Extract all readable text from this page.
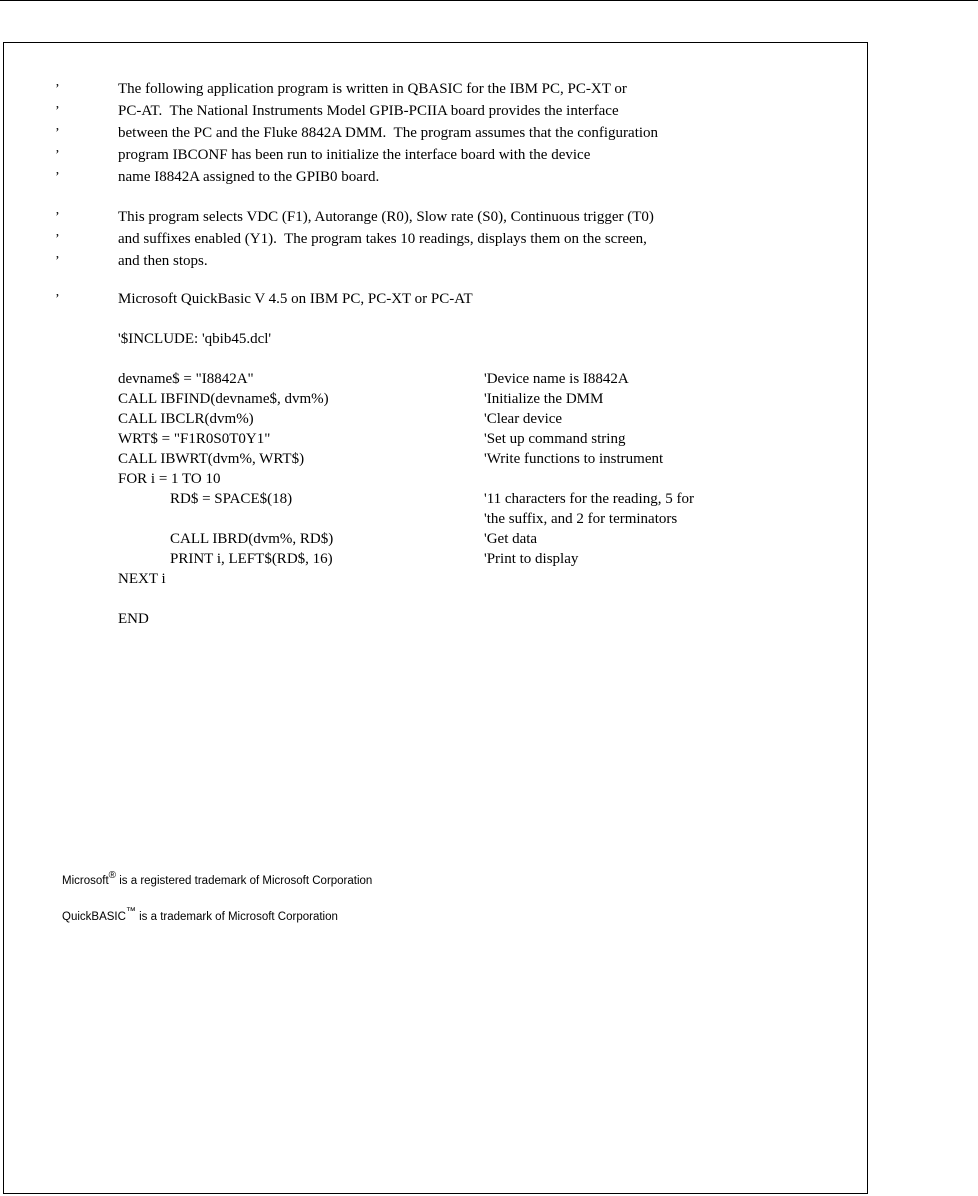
’
’
’
’
’
’
’
’
’
The following application program is written in QBASIC for the IBM PC, PC-XT or
PC-AT.  The National Instruments Model GPIB-PCIIA board provides the interface
between the PC and the Fluke 8842A DMM.  The program assumes that the configuration
program IBCONF has been run to initialize the interface board with the device
name I8842A assigned to the GPIB0 board.
This program selects VDC (F1), Autorange (R0), Slow rate (S0), Continuous trigger (T0)
and suffixes enabled (Y1).  The program takes 10 readings, displays them on the screen,
and then stops.
Microsoft QuickBasic V 4.5 on IBM PC, PC-XT or PC-AT
'$INCLUDE: 'qbib45.dcl'
devname$ = "I8842A"	'Device name is I8842A
CALL IBFIND(devname$, dvm%)	'Initialize the DMM
CALL IBCLR(dvm%)	'Clear device
WRT$ = "F1R0S0T0Y1"	'Set up command string
CALL IBWRT(dvm%, WRT$)	'Write functions to instrument
FOR i = 1 TO 10
RD$ = SPACE$(18)	'11 characters for the reading, 5 for
'the suffix, and 2 for terminators
CALL IBRD(dvm%, RD$)	'Get data
PRINT i, LEFT$(RD$, 16)	'Print to display
NEXT i
END
Microsoft® is a registered trademark of Microsoft Corporation
QuickBASIC™ is a trademark of Microsoft Corporation
